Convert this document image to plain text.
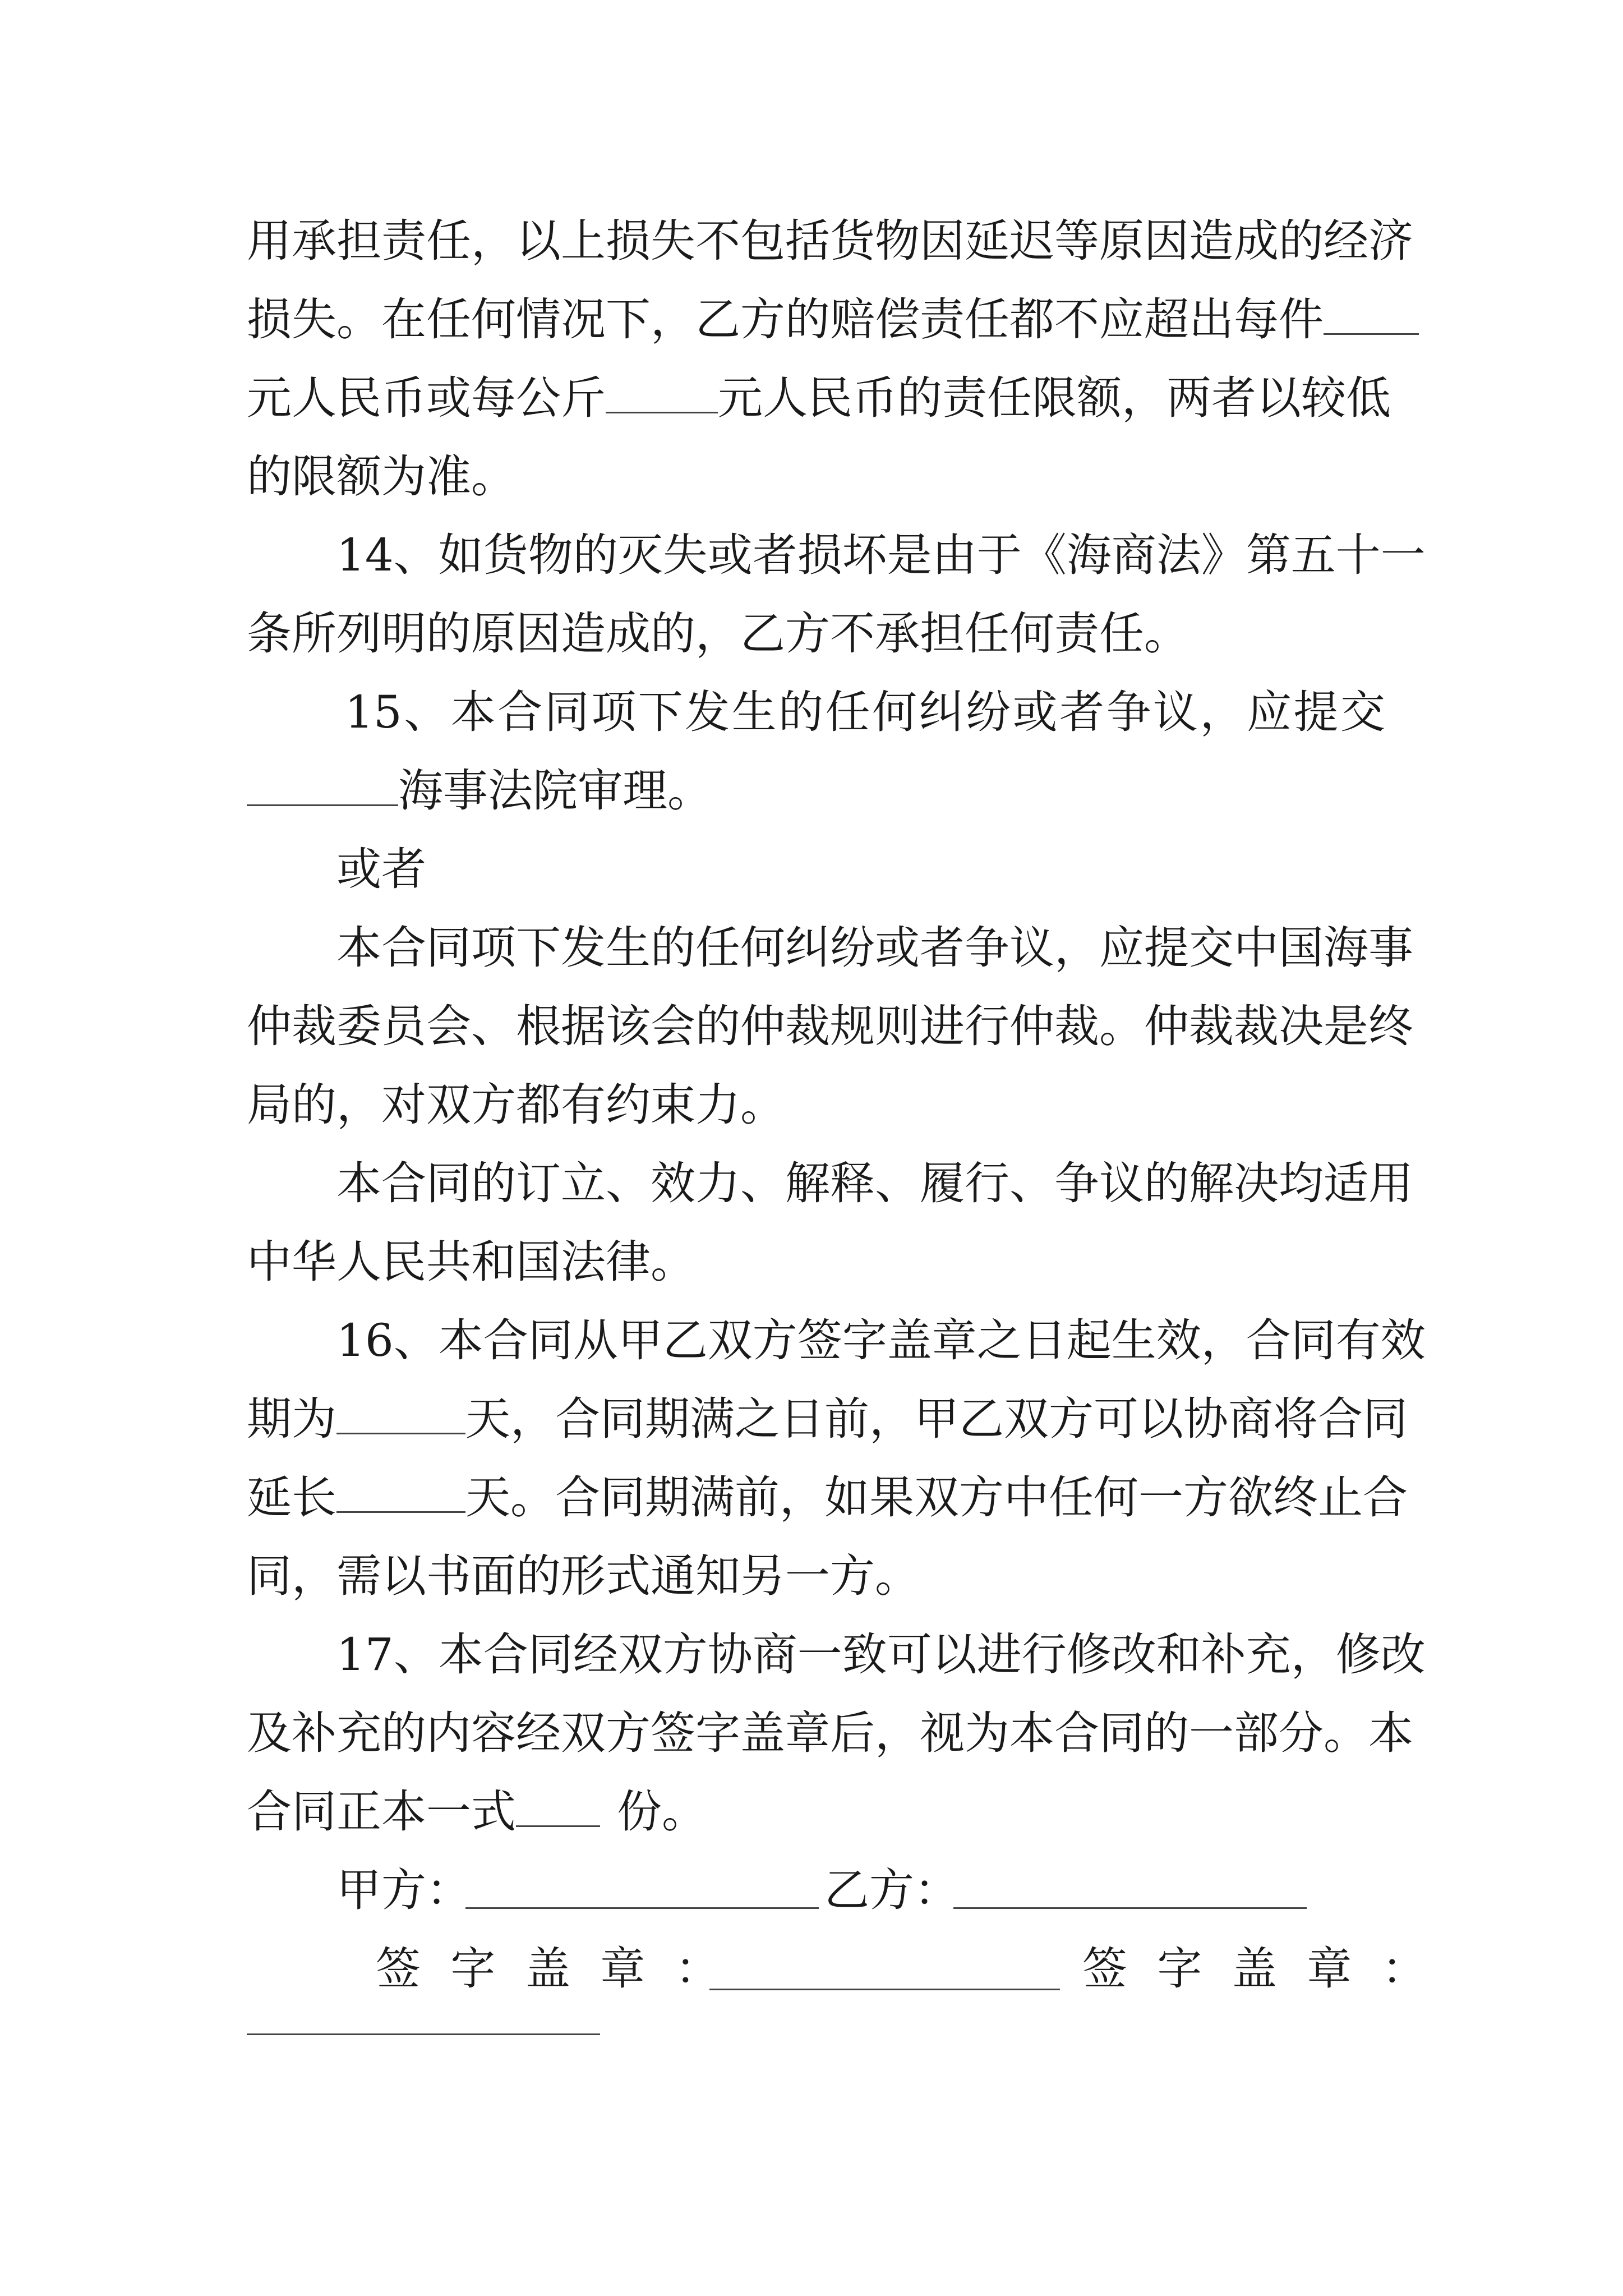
用承担责任，以上损失不包括货物因延迟等原因造成的经济
损失。在任何情况下，乙方的赔偿责任都不应超出每件
元人民币或每公斤	元人民币的责任限额，两者以较低
的限额为准。
14、如货物的灭失或者损坏是由于《海商法》第五十一
条所列明的原因造成的，乙方不承担任何责任。
15、本合同项下发生的任何纠纷或者争议，应提交
海事法院审理。
或者
本合同项下发生的任何纠纷或者争议，应提交中国海事
仲裁委员会、根据该会的仲裁规则进行仲裁。仲裁裁决是终
局的，对双方都有约束力。
本合同的订立、效力、解释、履行、争议的解决均适用
中华人民共和国法律。
16、本合同从甲乙双方签字盖章之日起生效，合同有效
期为	天，合同期满之日前，甲乙双方可以协商将合同
延长	天。合同期满前，如果双方中任何一方欲终止合
同，需以书面的形式通知另一方。
17、本合同经双方协商一致可以进行修改和补充，修改
及补充的内容经双方签字盖章后，视为本合同的一部分。本
合同正本一式 份。
甲方：	乙方：
签 字 盖 章 ：	签 字 盖 章 ：
